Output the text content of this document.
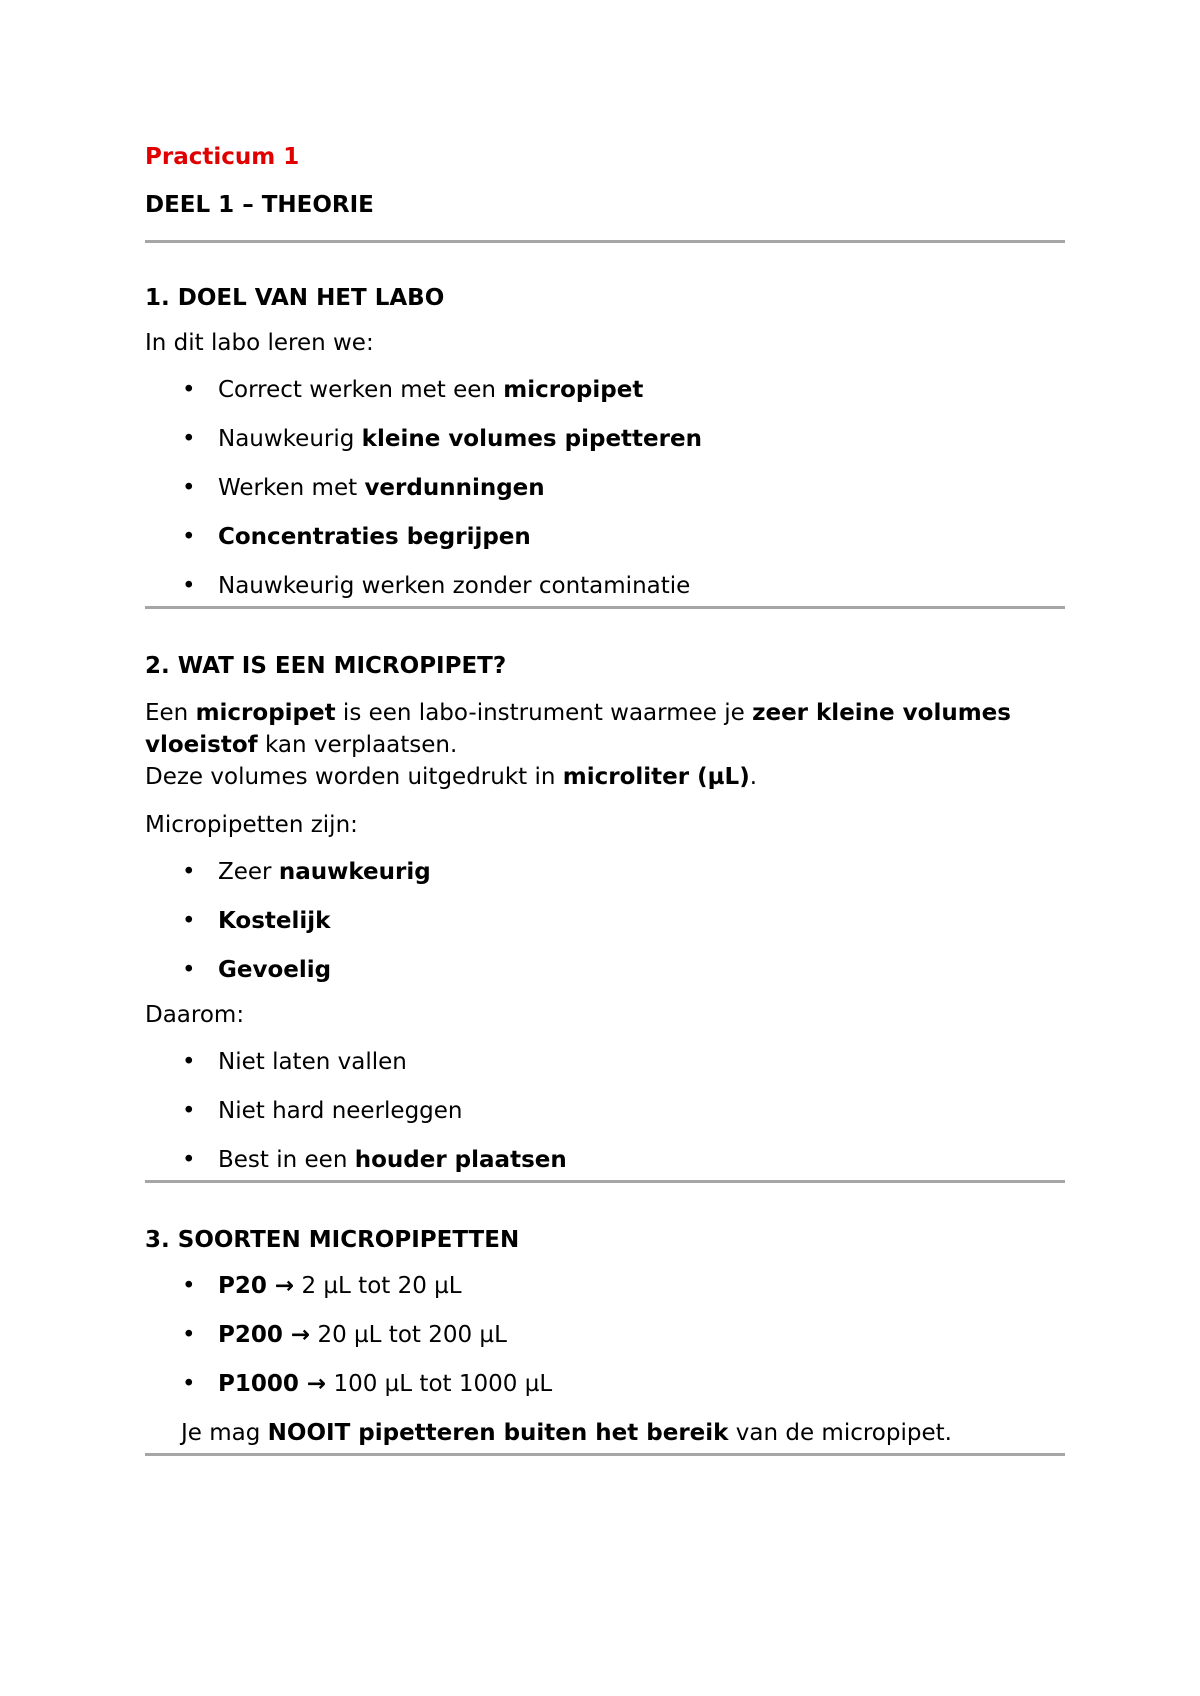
Practicum 1
DEEL 1 – THEORIE
1. DOEL VAN HET LABO
In dit labo leren we:
• Correct werken met een micropipet
• Nauwkeurig kleine volumes pipetteren
• Werken met verdunningen
• Concentraties begrijpen
• Nauwkeurig werken zonder contaminatie
2. WAT IS EEN MICROPIPET?
Een micropipet is een labo-instrument waarmee je zeer kleine volumes vloeistof kan verplaatsen.
Deze volumes worden uitgedrukt in microliter (µL).
Micropipetten zijn:
• Zeer nauwkeurig
• Kostelijk
• Gevoelig
Daarom:
• Niet laten vallen
• Niet hard neerleggen
• Best in een houder plaatsen
3. SOORTEN MICROPIPETTEN
• P20 → 2 µL tot 20 µL
• P200 → 20 µL tot 200 µL
• P1000 → 100 µL tot 1000 µL
Je mag NOOIT pipetteren buiten het bereik van de micropipet.
